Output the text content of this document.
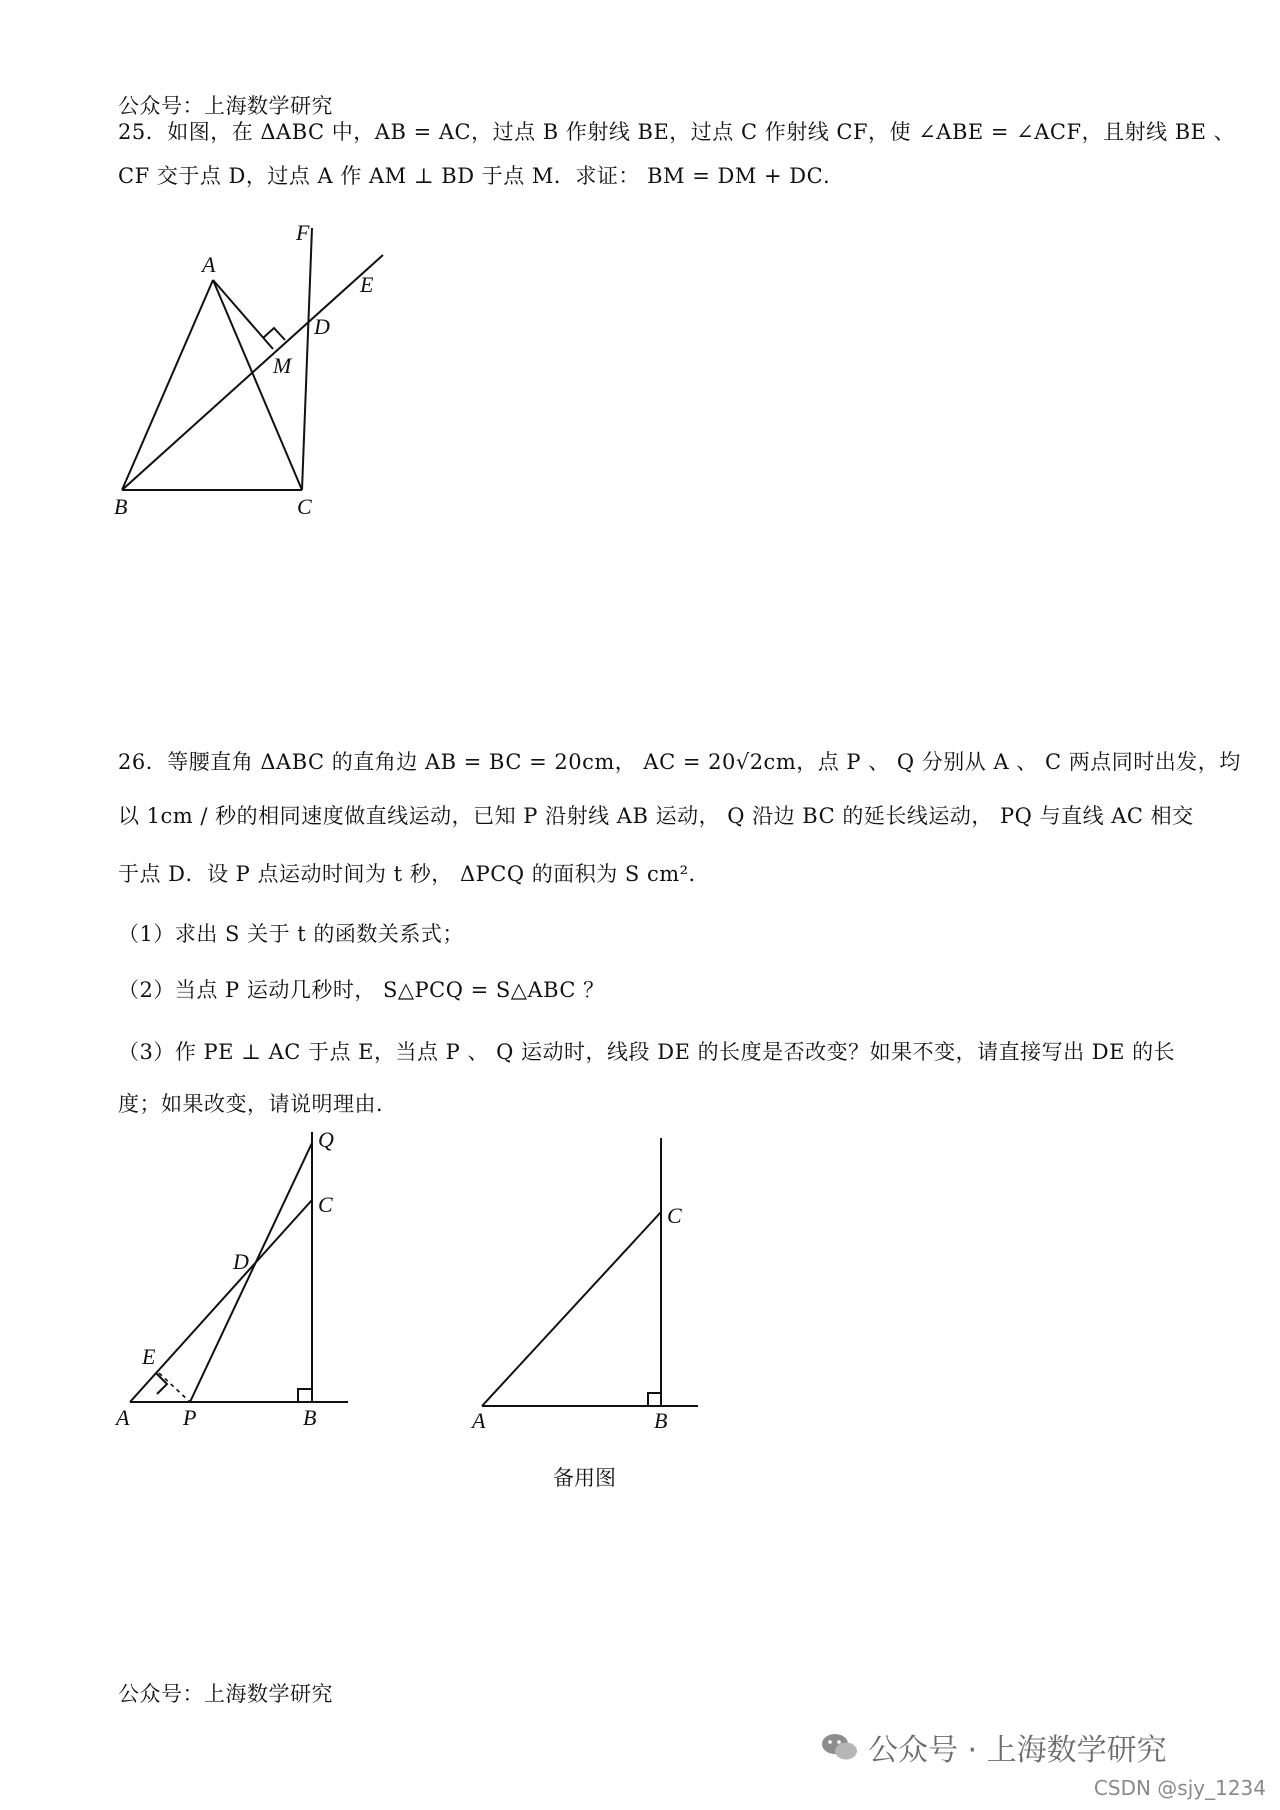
公众号：上海数学研究
25．如图，在 ΔABC 中，AB = AC，过点 B 作射线 BE，过点 C 作射线 CF，使 ∠ABE = ∠ACF，且射线 BE 、
CF 交于点 D，过点 A 作 AM ⊥ BD 于点 M．求证： BM = DM + DC．
A
B	C
D
E
F
M
26．等腰直角 ΔABC 的直角边 AB = BC = 20cm， AC = 20√2cm，点 P 、 Q 分别从 A 、 C 两点同时出发，均
以 1cm / 秒的相同速度做直线运动，已知 P 沿射线 AB 运动， Q 沿边 BC 的延长线运动， PQ 与直线 AC 相交
于点 D．设 P 点运动时间为 t 秒， ΔPCQ 的面积为 S cm²．
（1）求出 S 关于 t 的函数关系式；
（2）当点 P 运动几秒时， S△PCQ = S△ABC ？
（3）作 PE ⊥ AC 于点 E，当点 P 、 Q 运动时，线段 DE 的长度是否改变？如果不变，请直接写出 DE 的长
度；如果改变，请说明理由．
Q
C
D
E
A P	B
C
A	B
备用图
公众号：上海数学研究
公众号 · 上海数学研究
CSDN @sjy_1234
